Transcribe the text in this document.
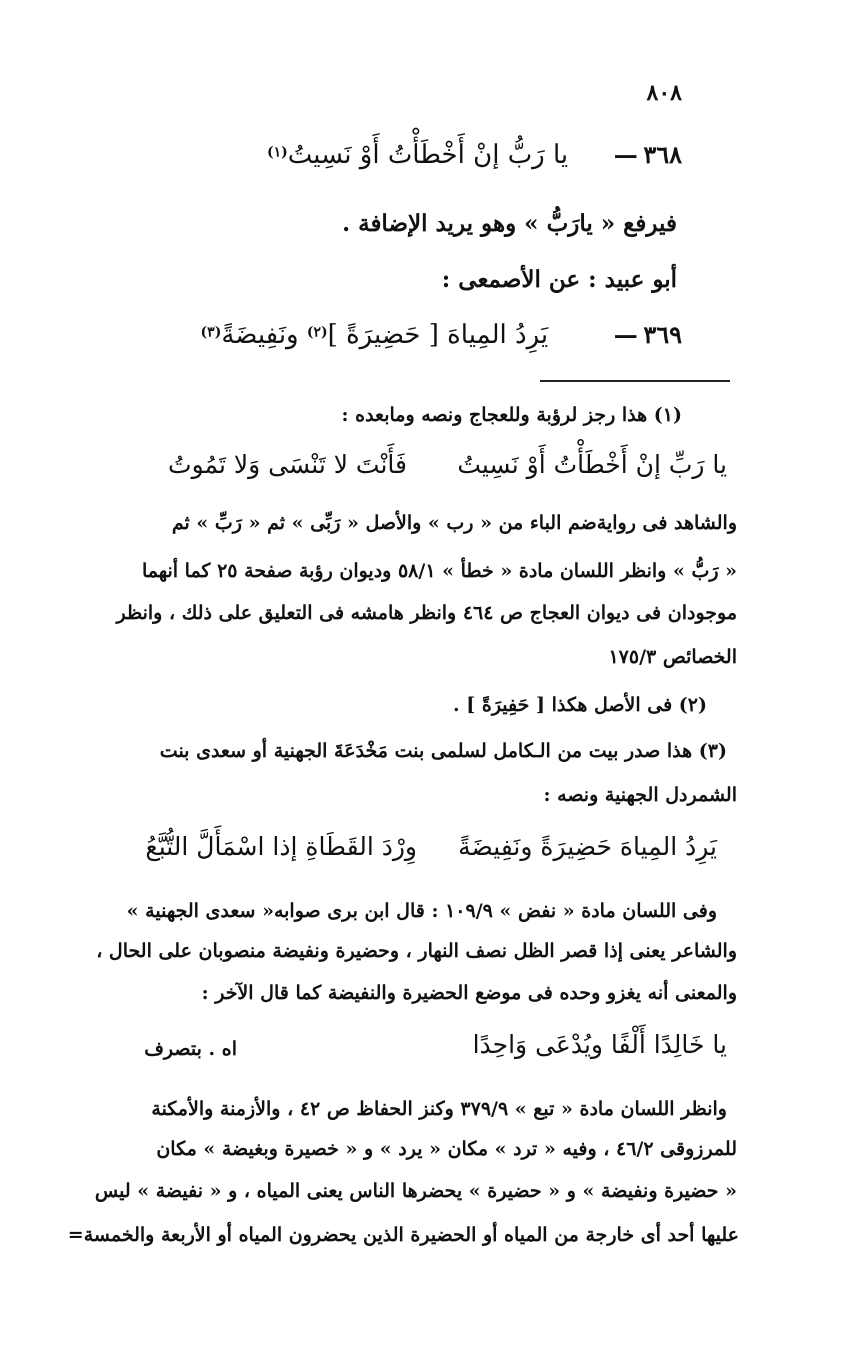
٨٠٨
٣٦٨ — يا رَبُّ إنْ أَخْطَأْتُ أَوْ نَسِيتُ$^{(١)}$
فيرفع « يارَبُّ » وهو يريد الإضافة .
أبو عبيد : عن الأصمعى :
٣٦٩ — يَرِدُ المِياهَ [ حَضِيرَةً ]$^{(٢)}$ ونَفِيضَةً$^{(٣)}$
(١) هذا رجز لرؤبة وللعجاج ونصه ومابعده :
يا رَبِّ إنْ أَخْطَأْتُ أَوْ نَسِيتُ
فَأَنْتَ لا تَنْسَى وَلا تَمُوتُ
والشاهد فى روايةضم الباء من « رب » والأصل « رَبِّى » ثم « رَبِّ » ثم
« رَبُّ » وانظر اللسان مادة « خطأ » ٥٨/١ وديوان رؤبة صفحة ٢٥ كما أنهما
موجودان فى ديوان العجاج ص ٤٦٤ وانظر هامشه فى التعليق على ذلك ، وانظر
الخصائص ١٧٥/٣
(٢) فى الأصل هكذا [ حَفِيرَةً ] .
(٣) هذا صدر بيت من الـكامل لسلمى بنت مَخْدَعَةَ الجهنية أو سعدى بنت
الشمردل الجهنية ونصه :
يَرِدُ المِياهَ حَضِيرَةً ونَفِيضَةً
وِرْدَ القَطَاةِ إذا اسْمَأَلَّ التُّبَّعُ
وفى اللسان مادة « نفض » ١٠٩/٩ : قال ابن برى صوابه« سعدى الجهنية »
والشاعر يعنى إذا قصر الظل نصف النهار ، وحضيرة ونفيضة منصوبان على الحال ،
والمعنى أنه يغزو وحده فى موضع الحضيرة والنفيضة كما قال الآخر :
يا خَالِدًا أَلْفًا ويُدْعَى وَاحِدًا
اه . بتصرف
وانظر اللسان مادة « تبع » ٣٧٩/٩ وكنز الحفاظ ص ٤٢ ، والأزمنة والأمكنة
للمرزوقى ٤٦/٢ ، وفيه « ترد » مكان « يرد » و « خصيرة وبغيضة » مكان
« حضيرة ونفيضة » و « حضيرة » يحضرها الناس يعنى المياه ، و « نفيضة » ليس
عليها أحد أى خارجة من المياه أو الحضيرة الذين يحضرون المياه أو الأربعة والخمسة=
